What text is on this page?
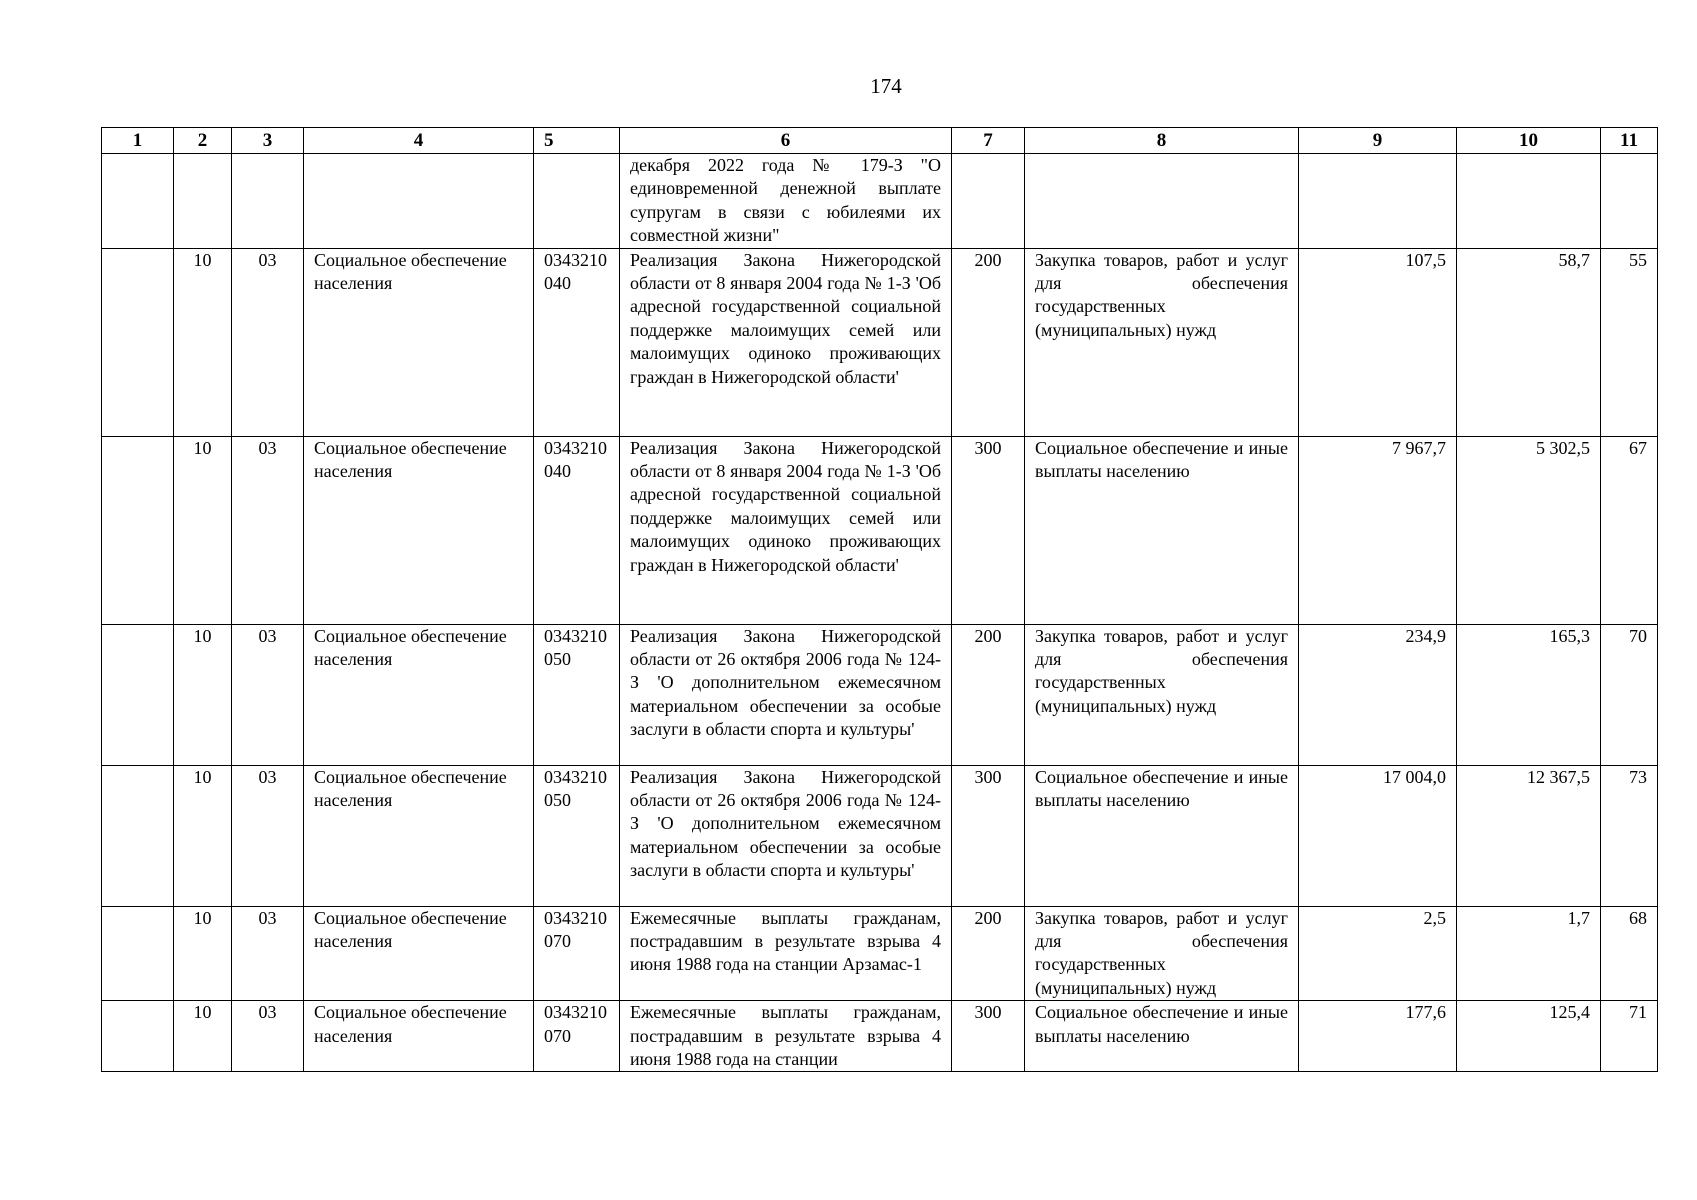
174
1	2	3	4	5	6	7	8	9	10	11
					декабря 2022 года № 179-З "О единовременной денежной выплате супругам в связи с юбилеями их совместной жизни"					
	10	03	Социальное обеспечение населения	0343210040	Реализация Закона Нижегородской области от 8 января 2004 года № 1-З 'Об адресной государственной социальной поддержке малоимущих семей или малоимущих одиноко проживающих граждан в Нижегородской области'	200	Закупка товаров, работ и услуг для обеспечения государственных (муниципальных) нужд	107,5	58,7	55
	10	03	Социальное обеспечение населения	0343210040	Реализация Закона Нижегородской области от 8 января 2004 года № 1-З 'Об адресной государственной социальной поддержке малоимущих семей или малоимущих одиноко проживающих граждан в Нижегородской области'	300	Социальное обеспечение и иные выплаты населению	7 967,7	5 302,5	67
	10	03	Социальное обеспечение населения	0343210050	Реализация Закона Нижегородской области от 26 октября 2006 года № 124-З 'О дополнительном ежемесячном материальном обеспечении за особые заслуги в области спорта и культуры'	200	Закупка товаров, работ и услуг для обеспечения государственных (муниципальных) нужд	234,9	165,3	70
	10	03	Социальное обеспечение населения	0343210050	Реализация Закона Нижегородской области от 26 октября 2006 года № 124-З 'О дополнительном ежемесячном материальном обеспечении за особые заслуги в области спорта и культуры'	300	Социальное обеспечение и иные выплаты населению	17 004,0	12 367,5	73
	10	03	Социальное обеспечение населения	0343210070	Ежемесячные выплаты гражданам, пострадавшим в результате взрыва 4 июня 1988 года на станции Арзамас-1	200	Закупка товаров, работ и услуг для обеспечения государственных (муниципальных) нужд	2,5	1,7	68
	10	03	Социальное обеспечение населения	0343210070	Ежемесячные выплаты гражданам, пострадавшим в результате взрыва 4 июня 1988 года на станции	300	Социальное обеспечение и иные выплаты населению	177,6	125,4	71
